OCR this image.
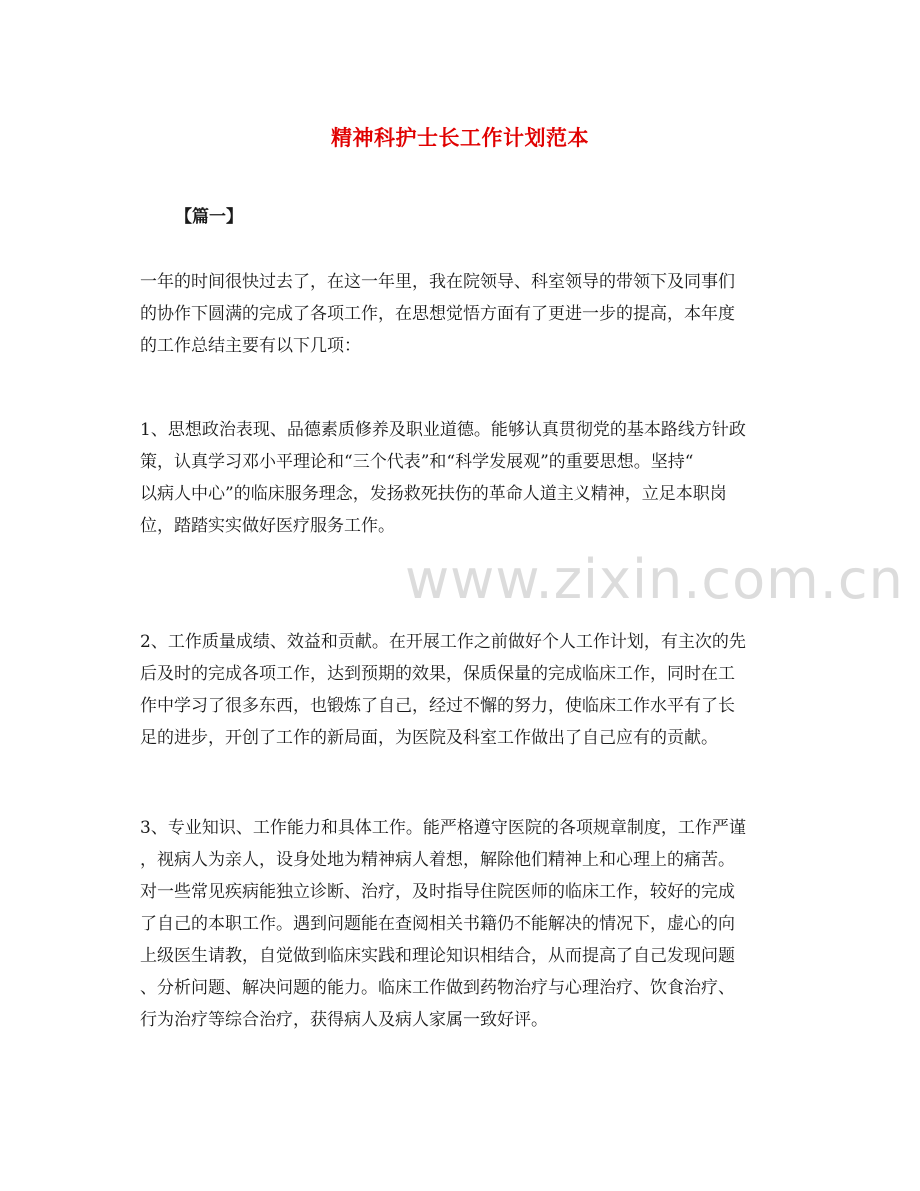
精神科护士长工作计划范本
【篇一】
一年的时间很快过去了，在这一年里，我在院领导、科室领导的带领下及同事们
的协作下圆满的完成了各项工作，在思想觉悟方面有了更进一步的提高，本年度
的工作总结主要有以下几项：
1、思想政治表现、品德素质修养及职业道德。能够认真贯彻党的基本路线方针政
策，认真学习邓小平理论和“三个代表”和“科学发展观”的重要思想。坚持“
以病人中心”的临床服务理念，发扬救死扶伤的革命人道主义精神，立足本职岗
位，踏踏实实做好医疗服务工作。
2、工作质量成绩、效益和贡献。在开展工作之前做好个人工作计划，有主次的先
后及时的完成各项工作，达到预期的效果，保质保量的完成临床工作，同时在工
作中学习了很多东西，也锻炼了自己，经过不懈的努力，使临床工作水平有了长
足的进步，开创了工作的新局面，为医院及科室工作做出了自己应有的贡献。
3、专业知识、工作能力和具体工作。能严格遵守医院的各项规章制度，工作严谨
，视病人为亲人，设身处地为精神病人着想，解除他们精神上和心理上的痛苦。
对一些常见疾病能独立诊断、治疗，及时指导住院医师的临床工作，较好的完成
了自己的本职工作。遇到问题能在查阅相关书籍仍不能解决的情况下，虚心的向
上级医生请教，自觉做到临床实践和理论知识相结合，从而提高了自己发现问题
、分析问题、解决问题的能力。临床工作做到药物治疗与心理治疗、饮食治疗、
行为治疗等综合治疗，获得病人及病人家属一致好评。
www.zixin.com.cn
